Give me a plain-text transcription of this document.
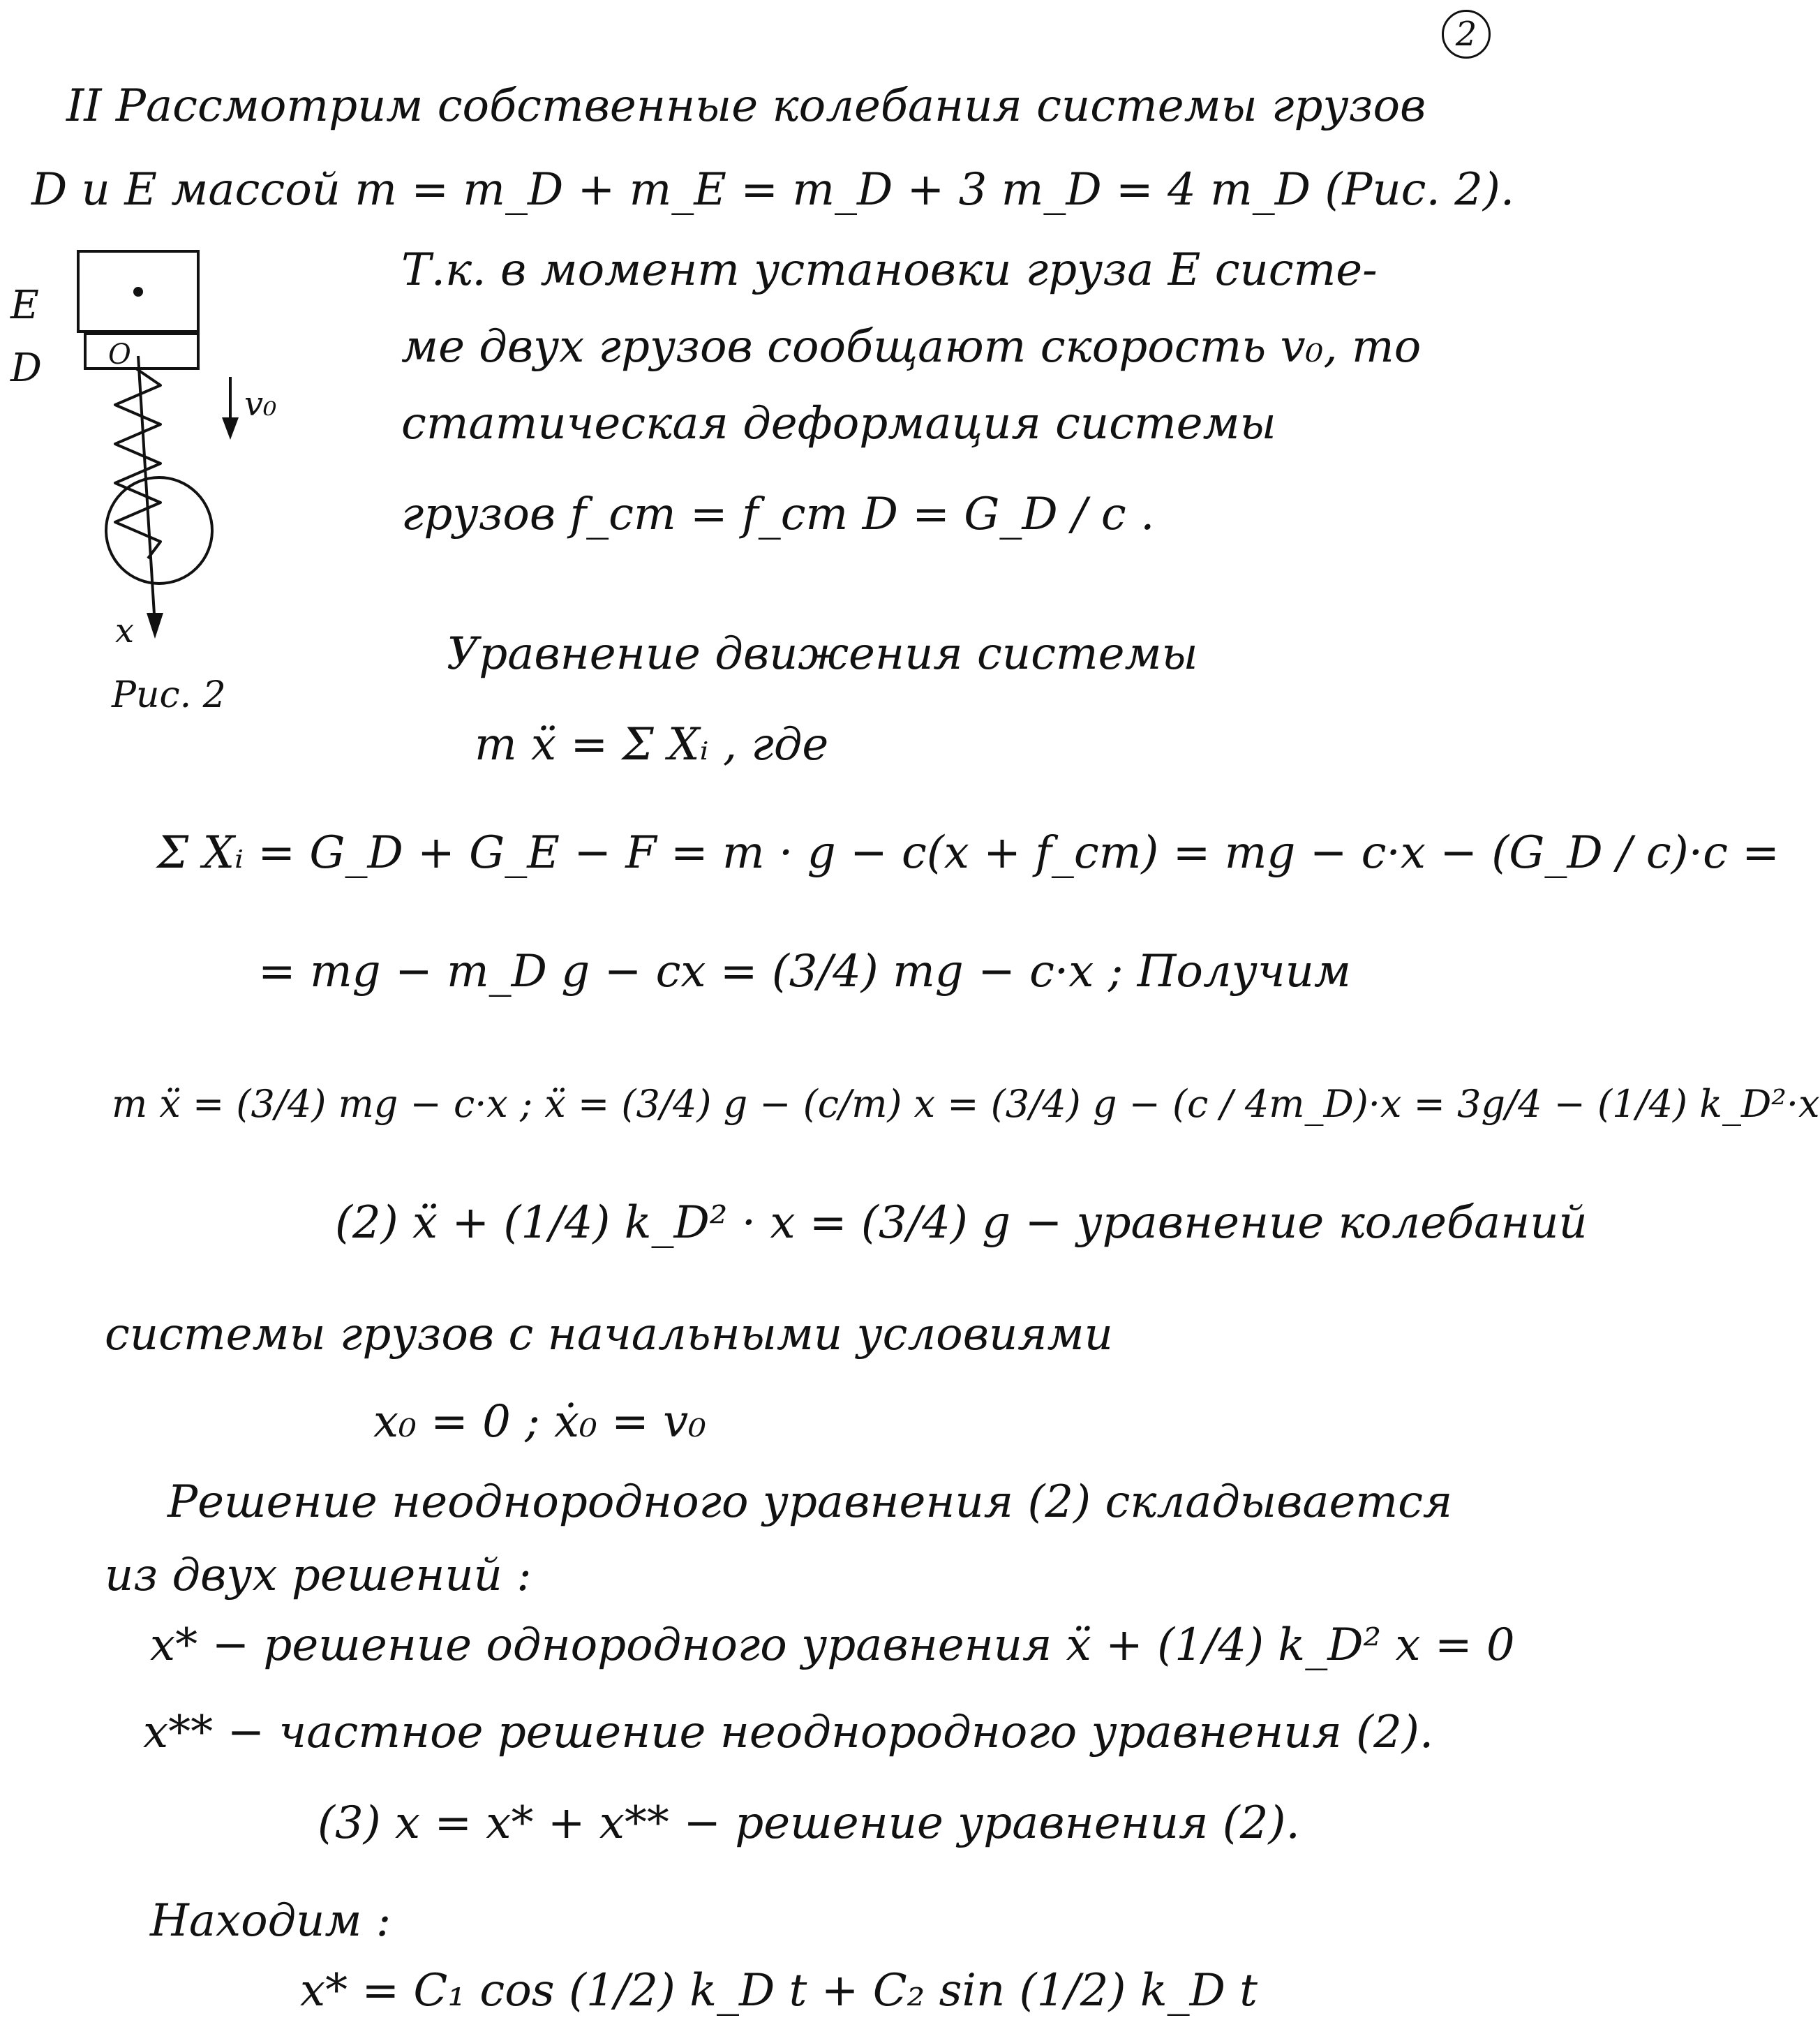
2
II Рассмотрим собственные колебания системы грузов
D и E массой m = m_D + m_E = m_D + 3 m_D = 4 m_D (Рис. 2).
Т.к. в момент установки груза E систе-
ме двух грузов сообщают скорость v₀, то
статическая деформация системы
грузов f_ст = f_ст D = G_D / c .
Уравнение движения системы
m ẍ = Σ Xᵢ , где
Σ Xᵢ = G_D + G_E − F = m · g − c(x + f_ст) = mg − c·x − (G_D / c)·c =
= mg − m_D g − cx = (3/4) mg − c·x ; Получим
m ẍ = (3/4) mg − c·x ; ẍ = (3/4) g − (c/m) x = (3/4) g − (c / 4m_D)·x = 3g/4 − (1/4) k_D²·x
(2) ẍ + (1/4) k_D² · x = (3/4) g − уравнение колебаний
системы грузов с начальными условиями
x₀ = 0 ; ẋ₀ = v₀
Решение неоднородного уравнения (2) складывается
из двух решений :
x* − решение однородного уравнения ẍ + (1/4) k_D² x = 0
x** − частное решение неоднородного уравнения (2).
(3) x = x* + x** − решение уравнения (2).
Находим :
x* = C₁ cos (1/2) k_D t + C₂ sin (1/2) k_D t
E
D O
v₀
x
Рис. 2
